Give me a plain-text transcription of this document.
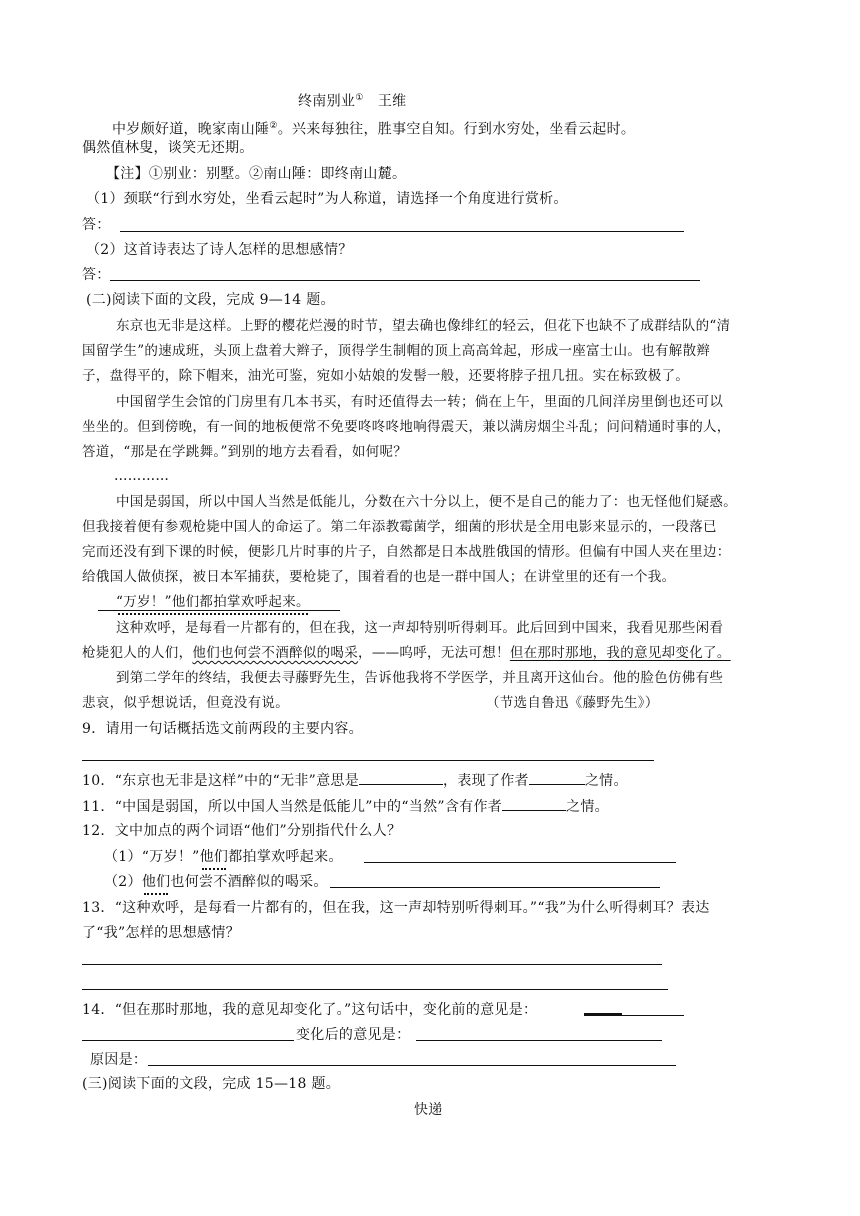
终南别业① 王维
中岁颇好道，晚家南山陲②。兴来每独往，胜事空自知。行到水穷处，坐看云起时。
偶然值林叟，谈笑无还期。
【注】①别业：别墅。②南山陲：即终南山麓。
（1）颈联“行到水穷处，坐看云起时”为人称道，请选择一个角度进行赏析。
答：
（2）这首诗表达了诗人怎样的思想感情？
答：
(二)阅读下面的文段，完成 9—14 题。
东京也无非是这样。上野的樱花烂漫的时节，望去确也像绯红的轻云，但花下也缺不了成群结队的“清
国留学生”的速成班，头顶上盘着大辫子，顶得学生制帽的顶上高高耸起，形成一座富士山。也有解散辫
子，盘得平的，除下帽来，油光可鉴，宛如小姑娘的发髻一般，还要将脖子扭几扭。实在标致极了。
中国留学生会馆的门房里有几本书买，有时还值得去一转；倘在上午，里面的几间洋房里倒也还可以
坐坐的。但到傍晚，有一间的地板便常不免要咚咚咚地响得震天，兼以满房烟尘斗乱；问问精通时事的人，
答道，“那是在学跳舞。”到别的地方去看看，如何呢？
…………
中国是弱国，所以中国人当然是低能儿，分数在六十分以上，便不是自己的能力了：也无怪他们疑惑。
但我接着便有参观枪毙中国人的命运了。第二年添教霉菌学，细菌的形状是全用电影来显示的，一段落已
完而还没有到下课的时候，便影几片时事的片子，自然都是日本战胜俄国的情形。但偏有中国人夹在里边：
给俄国人做侦探，被日本军捕获，要枪毙了，围着看的也是一群中国人；在讲堂里的还有一个我。
“万岁！”他们都拍掌欢呼起来。
这种欢呼，是每看一片都有的，但在我，这一声却特别听得刺耳。此后回到中国来，我看见那些闲看
枪毙犯人的人们，他们也何尝不酒醉似的喝采，——呜呼，无法可想！但在那时那地，我的意见却变化了。
到第二学年的终结，我便去寻藤野先生，告诉他我将不学医学，并且离开这仙台。他的脸色仿佛有些
悲哀，似乎想说话，但竟没有说。	（节选自鲁迅《藤野先生》）
9．请用一句话概括选文前两段的主要内容。
10．“东京也无非是这样”中的“无非”意思是	，表现了作者	之情。
11．“中国是弱国，所以中国人当然是低能儿”中的“当然”含有作者	之情。
12．文中加点的两个词语“他们”分别指代什么人？
（1）“万岁！”他们都拍掌欢呼起来。
（2）他们也何尝不酒醉似的喝采。
13．“这种欢呼，是每看一片都有的，但在我，这一声却特别听得刺耳。”“我”为什么听得刺耳？表达
了“我”怎样的思想感情？
14．“但在那时那地，我的意见却变化了。”这句话中，变化前的意见是：
变化后的意见是：
原因是：
(三)阅读下面的文段，完成 15—18 题。
快递
